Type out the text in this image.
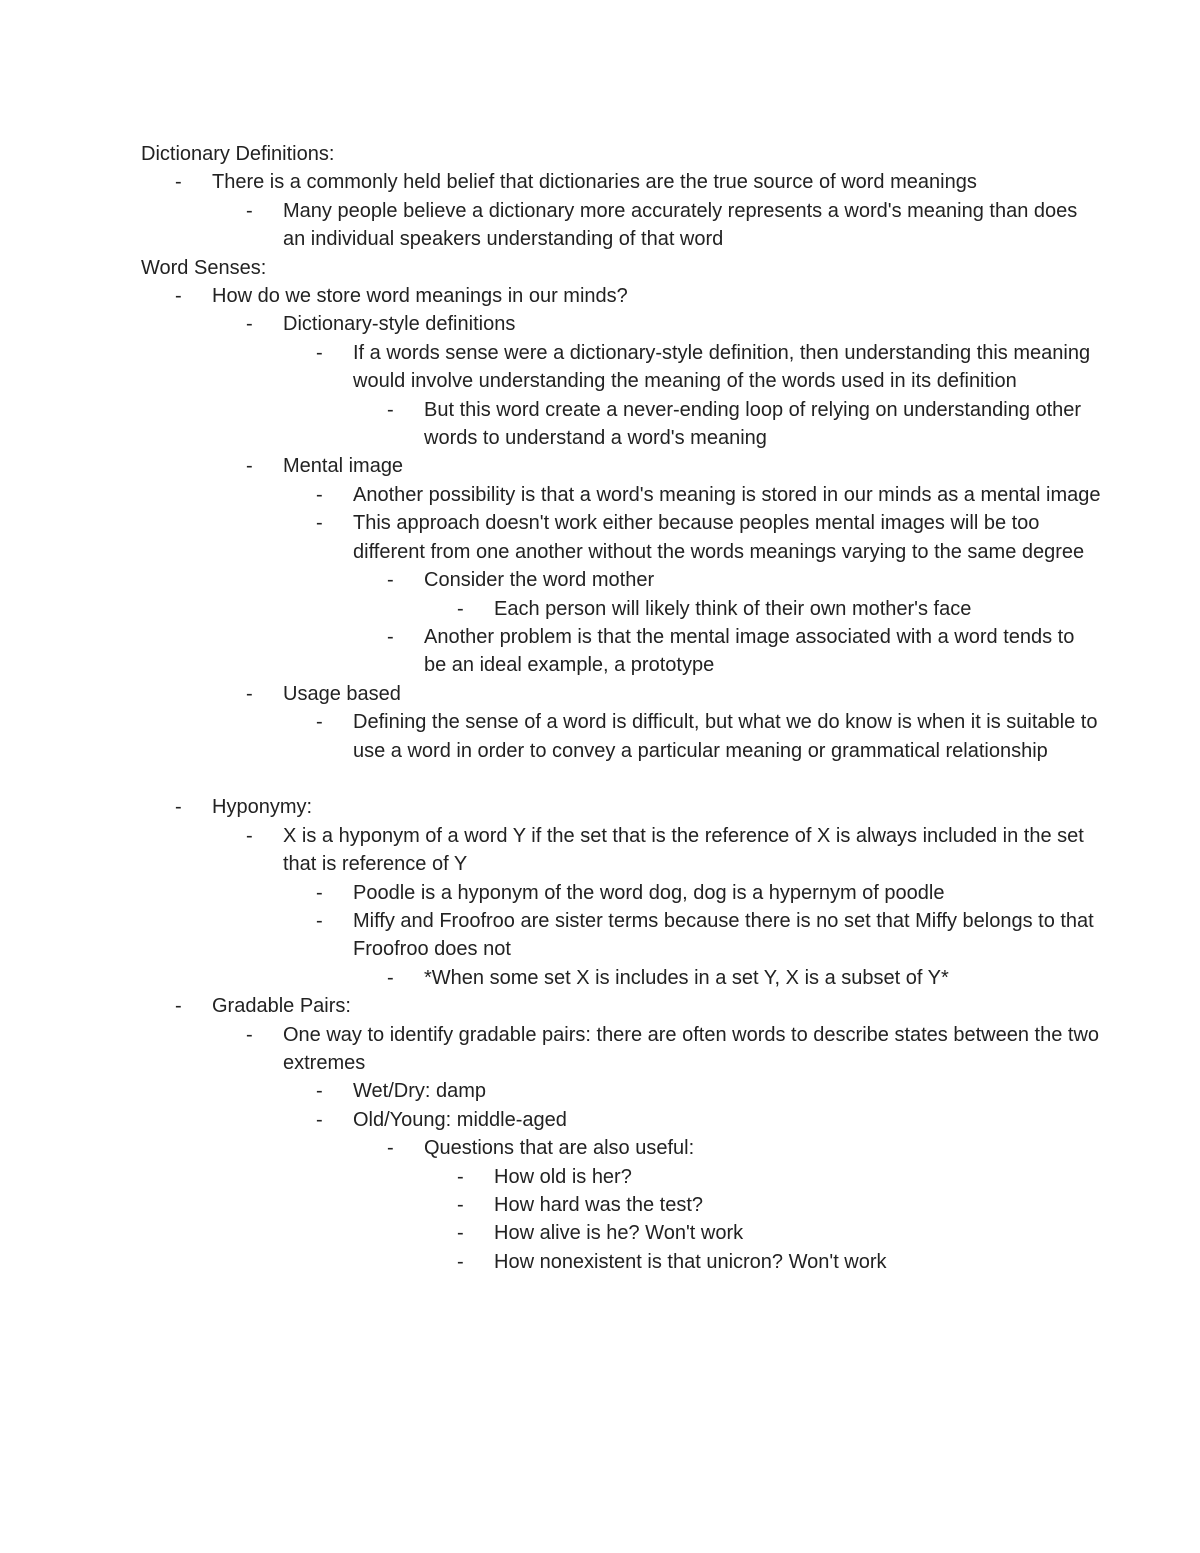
Dictionary Definitions:

-	There is a commonly held belief that dictionaries are the true source of word meanings
-	Many people believe a dictionary more accurately represents a word's meaning than does an individual speakers understanding of that word

Word Senses:

-	How do we store word meanings in our minds?
-	Dictionary-style definitions
-	If a words sense were a dictionary-style definition, then understanding this meaning would involve understanding the meaning of the words used in its definition
-	But this word create a never-ending loop of relying on understanding other words to understand a word's meaning
-	Mental image
-	Another possibility is that a word's meaning is stored in our minds as a mental image
-	This approach doesn't work either because peoples mental images will be too different from one another without the words meanings varying to the same degree
-	Consider the word mother
-	Each person will likely think of their own mother's face
-	Another problem is that the mental image associated with a word tends to be an ideal example, a prototype
-	Usage based
-	Defining the sense of a word is difficult, but what we do know is when it is suitable to use a word in order to convey a particular meaning or grammatical relationship
-	Hyponymy:
-	X is a hyponym of a word Y if the set that is the reference of X is always included in the set that is reference of Y
-	Poodle is a hyponym of the word dog, dog is a hypernym of poodle
-	Miffy and Froofroo are sister terms because there is no set that Miffy belongs to that Froofroo does not
-	*When some set X is includes in a set Y, X is a subset of Y*
-	Gradable Pairs:
-	One way to identify gradable pairs: there are often words to describe states between the two extremes
-	Wet/Dry: damp
-	Old/Young: middle-aged
-	Questions that are also useful:
-	How old is her?
-	How hard was the test?
-	How alive is he? Won't work
-	How nonexistent is that unicron? Won't work
